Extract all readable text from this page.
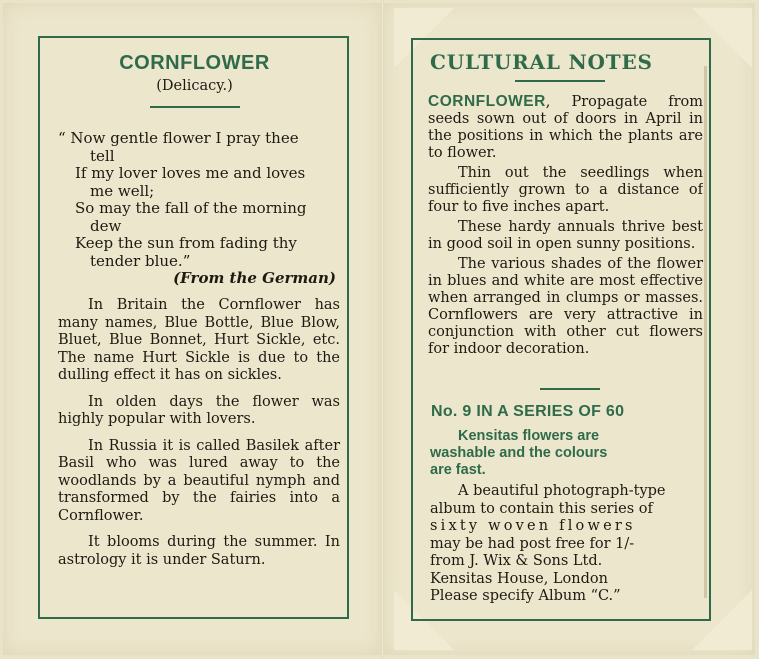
CORNFLOWER
(Delicacy.)
“ Now gentle flower I pray thee
tell
If my lover loves me and loves
me well;
So may the fall of the morning
dew
Keep the sun from fading thy
tender blue.”
(From the German)

In Britain the Cornflower has many names, Blue Bottle, Blue Blow, Bluet, Blue Bonnet, Hurt Sickle, etc. The name Hurt Sickle is due to the dulling effect it has on sickles.

In olden days the flower was highly popular with lovers.

In Russia it is called Basilek after Basil who was lured away to the woodlands by a beautiful nymph and transformed by the fairies into a Cornflower.

It blooms during the summer. In astrology it is under Saturn.

CULTURAL NOTES

CORNFLOWER, Propagate from seeds sown out of doors in April in the positions in which the plants are to flower.

Thin out the seedlings when sufficiently grown to a distance of four to five inches apart.

These hardy annuals thrive best in good soil in open sunny positions.

The various shades of the flower in blues and white are most effective when arranged in clumps or masses. Cornflowers are very attractive in conjunction with other cut flowers for indoor decoration.

No. 9 IN A SERIES OF 60
Kensitas flowers are
washable and the colours
are fast.
A beautiful photograph-type
album to contain this series of
sixty woven flowers
may be had post free for 1/-
from J. Wix & Sons Ltd.
Kensitas House, London
Please specify Album “C.”
